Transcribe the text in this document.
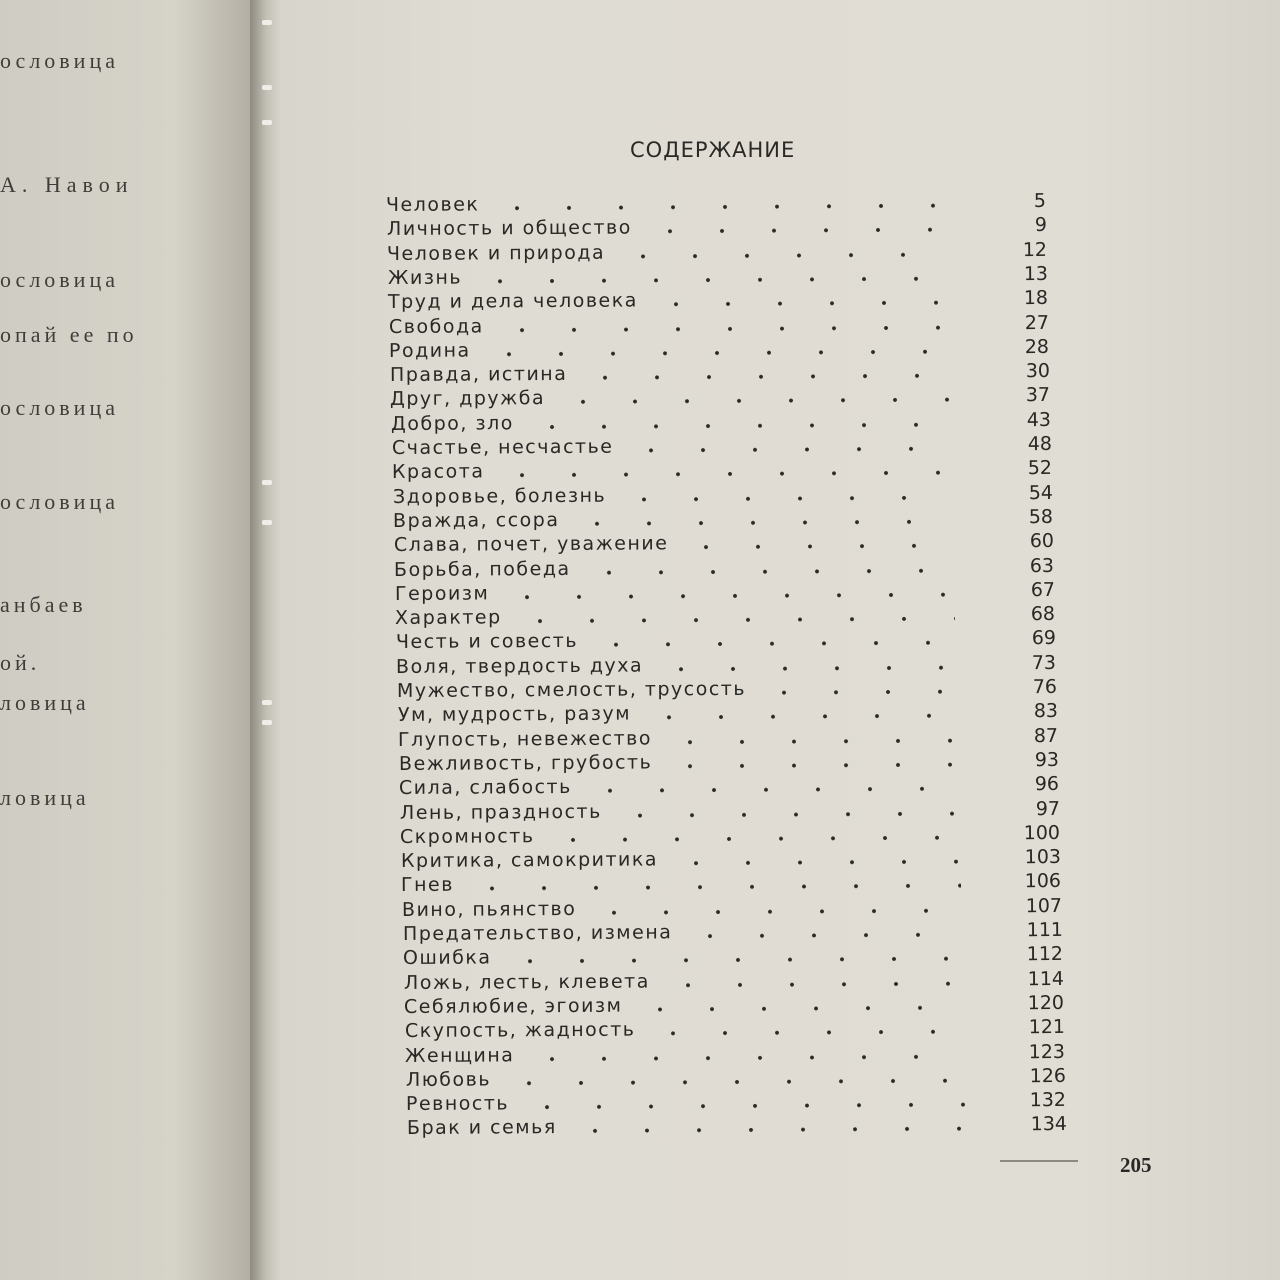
ословица
А. Навои
ословица
опай ее по
ословица
ословица
анбаев
ой.
ловица
ловица
СОДЕРЖАНИЕ
Человек	5
Личность и общество	9
Человек и природа	12
Жизнь	13
Труд и дела человека	18
Свобода	27
Родина	28
Правда, истина	30
Друг, дружба	37
Добро, зло	43
Счастье, несчастье	48
Красота	52
Здоровье, болезнь	54
Вражда, ссора	58
Слава, почет, уважение	60
Борьба, победа	63
Героизм	67
Характер	68
Честь и совесть	69
Воля, твердость духа	73
Мужество, смелость, трусость	76
Ум, мудрость, разум	83
Глупость, невежество	87
Вежливость, грубость	93
Сила, слабость	96
Лень, праздность	97
Скромность	100
Критика, самокритика	103
Гнев	106
Вино, пьянство	107
Предательство, измена	111
Ошибка	112
Ложь, лесть, клевета	114
Себялюбие, эгоизм	120
Скупость, жадность	121
Женщина	123
Любовь	126
Ревность	132
Брак и семья	134
205
